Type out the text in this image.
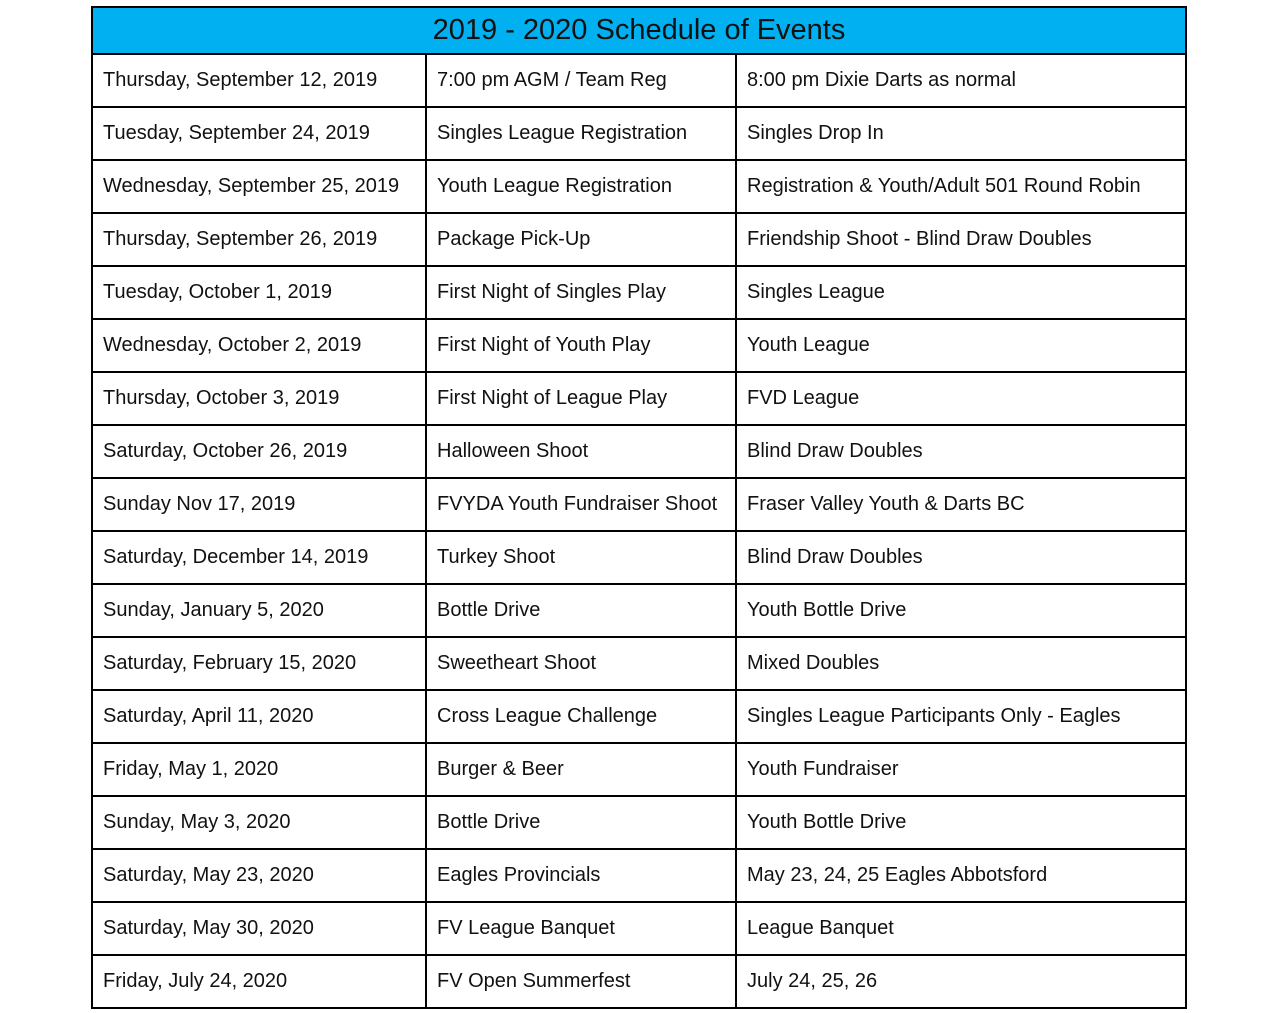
2019 - 2020 Schedule of Events		
Thursday, September 12, 2019	7:00 pm AGM / Team Reg	8:00 pm Dixie Darts as normal
Tuesday, September 24, 2019	Singles League Registration	Singles Drop In
Wednesday, September 25, 2019	Youth League Registration	Registration & Youth/Adult 501 Round Robin
Thursday, September 26, 2019	Package Pick-Up	Friendship Shoot - Blind Draw Doubles
Tuesday, October 1, 2019	First Night of Singles Play	Singles League
Wednesday, October 2, 2019	First Night of Youth Play	Youth League
Thursday, October 3, 2019	First Night of League Play	FVD League
Saturday, October 26, 2019	Halloween Shoot	Blind Draw Doubles
Sunday Nov 17, 2019	FVYDA Youth Fundraiser Shoot	Fraser Valley Youth & Darts BC
Saturday, December 14, 2019	Turkey Shoot	Blind Draw Doubles
Sunday, January 5, 2020	Bottle Drive	Youth Bottle Drive
Saturday, February 15, 2020	Sweetheart Shoot	Mixed Doubles
Saturday, April 11, 2020	Cross League Challenge	Singles League Participants Only - Eagles
Friday, May 1, 2020	Burger & Beer	Youth Fundraiser
Sunday, May 3, 2020	Bottle Drive	Youth Bottle Drive
Saturday, May 23, 2020	Eagles Provincials	May 23, 24, 25 Eagles Abbotsford
Saturday, May 30, 2020	FV League Banquet	League Banquet
Friday, July 24, 2020	FV Open Summerfest	July 24, 25, 26
